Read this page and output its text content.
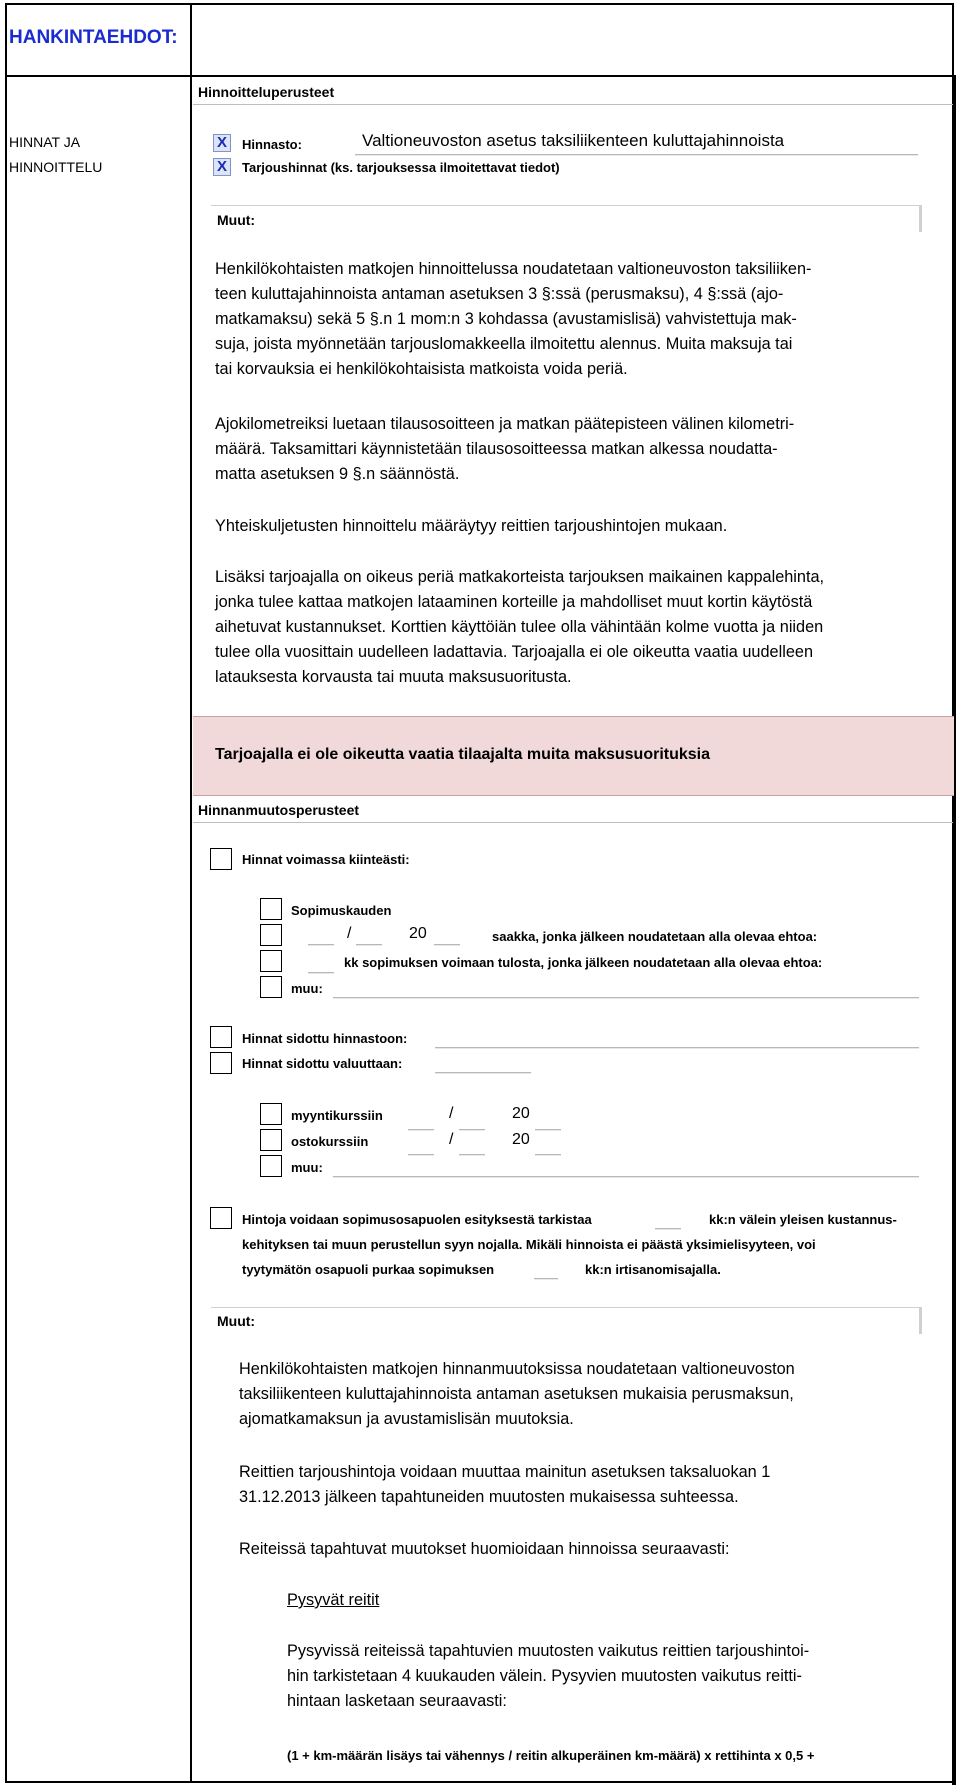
HANKINTAEHDOT:
HINNAT JA
HINNOITTELU
Hinnoitteluperusteet
X	Hinnasto:	Valtioneuvoston asetus taksiliikenteen kuluttajahinnoista
X	Tarjoushinnat (ks. tarjouksessa ilmoitettavat tiedot)
Muut:
Henkilökohtaisten matkojen hinnoittelussa noudatetaan valtioneuvoston taksiliiken-
teen kuluttajahinnoista antaman asetuksen 3 §:ssä (perusmaksu), 4 §:ssä (ajo-
matkamaksu) sekä 5 §.n 1 mom:n 3 kohdassa (avustamislisä) vahvistettuja mak-
suja, joista myönnetään tarjouslomakkeella ilmoitettu alennus. Muita maksuja tai
tai korvauksia ei henkilökohtaisista matkoista voida periä.
Ajokilometreiksi luetaan tilausosoitteen ja matkan päätepisteen välinen kilometri-
määrä. Taksamittari käynnistetään tilausosoitteessa matkan alkessa noudatta-
matta asetuksen 9 §.n säännöstä.
Yhteiskuljetusten hinnoittelu määräytyy reittien tarjoushintojen mukaan.
Lisäksi tarjoajalla on oikeus periä matkakorteista tarjouksen maikainen kappalehinta,
jonka tulee kattaa matkojen lataaminen korteille ja mahdolliset muut kortin käytöstä
aihetuvat kustannukset. Korttien käyttöiän tulee olla vähintään kolme vuotta ja niiden
tulee olla vuosittain uudelleen ladattavia. Tarjoajalla ei ole oikeutta vaatia uudelleen
latauksesta korvausta tai muuta maksusuoritusta.
Tarjoajalla ei ole oikeutta vaatia tilaajalta muita maksusuorituksia
Hinnanmuutosperusteet
Hinnat voimassa kiinteästi:
Sopimuskauden
/	20	saakka, jonka jälkeen noudatetaan alla olevaa ehtoa:
kk sopimuksen voimaan tulosta, jonka jälkeen noudatetaan alla olevaa ehtoa:
muu:
Hinnat sidottu hinnastoon:
Hinnat sidottu valuuttaan:
myyntikurssiin	/	20
ostokurssiin	/	20
muu:
Hintoja voidaan sopimusosapuolen esityksestä tarkistaa	kk:n välein yleisen kustannus-
kehityksen tai muun perustellun syyn nojalla. Mikäli hinnoista ei päästä yksimielisyyteen, voi
tyytymätön osapuoli purkaa sopimuksen	kk:n irtisanomisajalla.
Muut:
Henkilökohtaisten matkojen hinnanmuutoksissa noudatetaan valtioneuvoston
taksiliikenteen kuluttajahinnoista antaman asetuksen mukaisia perusmaksun,
ajomatkamaksun ja avustamislisän muutoksia.
Reittien tarjoushintoja voidaan muuttaa mainitun asetuksen taksaluokan 1
31.12.2013 jälkeen tapahtuneiden muutosten mukaisessa suhteessa.
Reiteissä tapahtuvat muutokset huomioidaan hinnoissa seuraavasti:
Pysyvät reitit
Pysyvissä reiteissä tapahtuvien muutosten vaikutus reittien tarjoushintoi-
hin tarkistetaan 4 kuukauden välein. Pysyvien muutosten vaikutus reitti-
hintaan lasketaan seuraavasti:
(1 + km-määrän lisäys tai vähennys / reitin alkuperäinen km-määrä) x rettihinta x 0,5 +
